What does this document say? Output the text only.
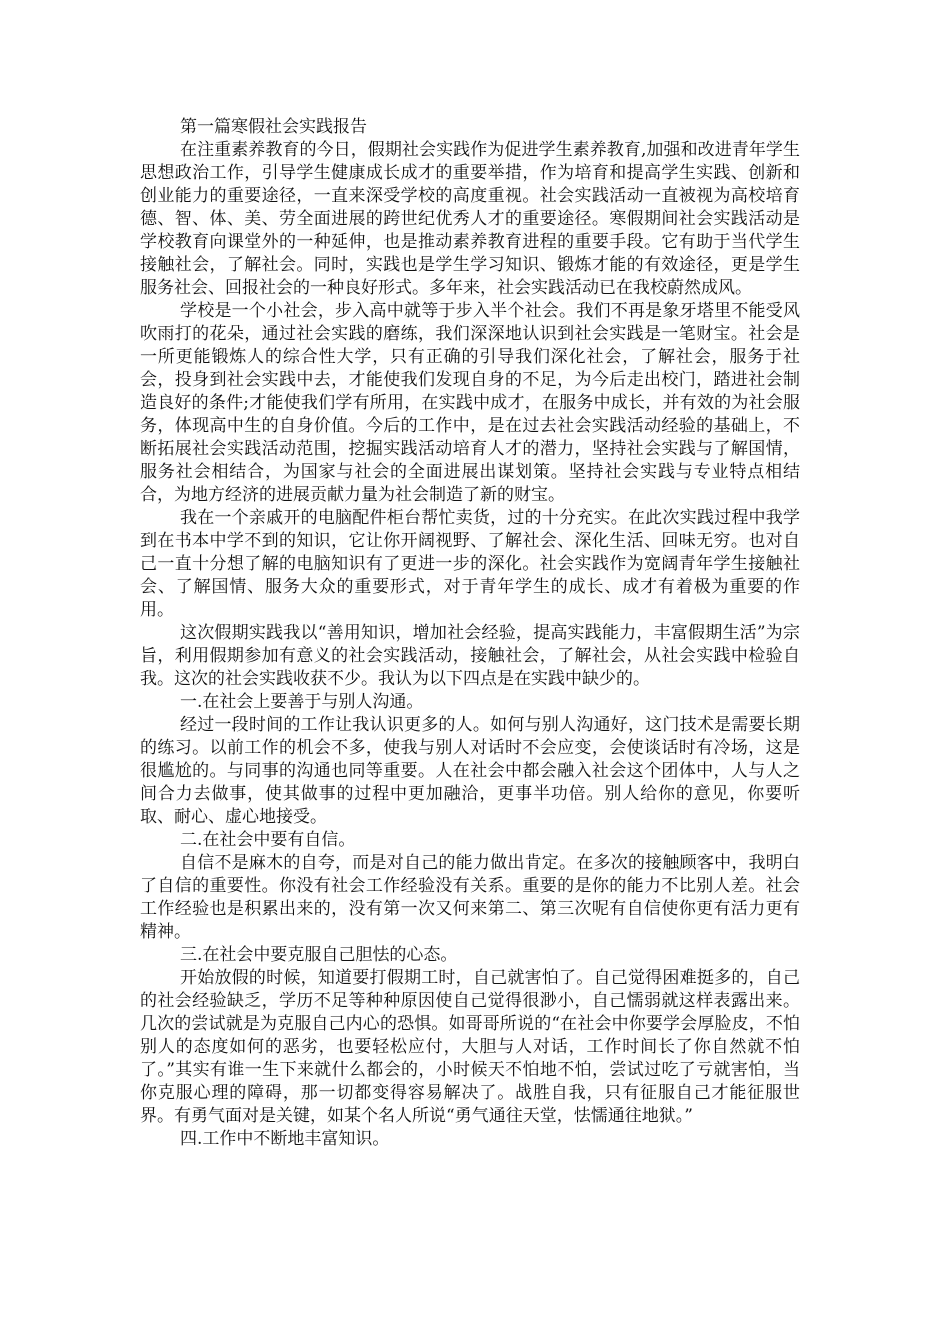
第一篇寒假社会实践报告

在注重素养教育的今日，假期社会实践作为促进学生素养教育,加强和改进青年学生思想政治工作，引导学生健康成长成才的重要举措，作为培育和提高学生实践、创新和创业能力的重要途径，一直来深受学校的高度重视。社会实践活动一直被视为高校培育德、智、体、美、劳全面进展的跨世纪优秀人才的重要途径。寒假期间社会实践活动是学校教育向课堂外的一种延伸，也是推动素养教育进程的重要手段。它有助于当代学生接触社会，了解社会。同时，实践也是学生学习知识、锻炼才能的有效途径，更是学生服务社会、回报社会的一种良好形式。多年来，社会实践活动已在我校蔚然成风。

学校是一个小社会，步入高中就等于步入半个社会。我们不再是象牙塔里不能受风吹雨打的花朵，通过社会实践的磨练，我们深深地认识到社会实践是一笔财宝。社会是一所更能锻炼人的综合性大学，只有正确的引导我们深化社会，了解社会，服务于社会，投身到社会实践中去，才能使我们发现自身的不足，为今后走出校门，踏进社会制造良好的条件;才能使我们学有所用，在实践中成才，在服务中成长，并有效的为社会服务，体现高中生的自身价值。今后的工作中，是在过去社会实践活动经验的基础上，不断拓展社会实践活动范围，挖掘实践活动培育人才的潜力，坚持社会实践与了解国情，服务社会相结合，为国家与社会的全面进展出谋划策。坚持社会实践与专业特点相结合，为地方经济的进展贡献力量为社会制造了新的财宝。

我在一个亲戚开的电脑配件柜台帮忙卖货，过的十分充实。在此次实践过程中我学到在书本中学不到的知识，它让你开阔视野、了解社会、深化生活、回味无穷。也对自己一直十分想了解的电脑知识有了更进一步的深化。社会实践作为宽阔青年学生接触社会、了解国情、服务大众的重要形式，对于青年学生的成长、成才有着极为重要的作用。

这次假期实践我以“善用知识，增加社会经验，提高实践能力，丰富假期生活”为宗旨，利用假期参加有意义的社会实践活动，接触社会，了解社会，从社会实践中检验自我。这次的社会实践收获不少。我认为以下四点是在实践中缺少的。

一.在社会上要善于与别人沟通。

经过一段时间的工作让我认识更多的人。如何与别人沟通好，这门技术是需要长期的练习。以前工作的机会不多，使我与别人对话时不会应变，会使谈话时有冷场，这是很尴尬的。与同事的沟通也同等重要。人在社会中都会融入社会这个团体中，人与人之间合力去做事，使其做事的过程中更加融洽，更事半功倍。别人给你的意见，你要听取、耐心、虚心地接受。

二.在社会中要有自信。

自信不是麻木的自夸，而是对自己的能力做出肯定。在多次的接触顾客中，我明白了自信的重要性。你没有社会工作经验没有关系。重要的是你的能力不比别人差。社会工作经验也是积累出来的，没有第一次又何来第二、第三次呢有自信使你更有活力更有精神。

三.在社会中要克服自己胆怯的心态。

开始放假的时候，知道要打假期工时，自己就害怕了。自己觉得困难挺多的，自己的社会经验缺乏，学历不足等种种原因使自己觉得很渺小，自己懦弱就这样表露出来。几次的尝试就是为克服自己内心的恐惧。如哥哥所说的“在社会中你要学会厚脸皮，不怕别人的态度如何的恶劣，也要轻松应付，大胆与人对话，工作时间长了你自然就不怕了。”其实有谁一生下来就什么都会的，小时候天不怕地不怕，尝试过吃了亏就害怕，当你克服心理的障碍，那一切都变得容易解决了。战胜自我，只有征服自己才能征服世界。有勇气面对是关键，如某个名人所说“勇气通往天堂，怯懦通往地狱。”

四.工作中不断地丰富知识。
